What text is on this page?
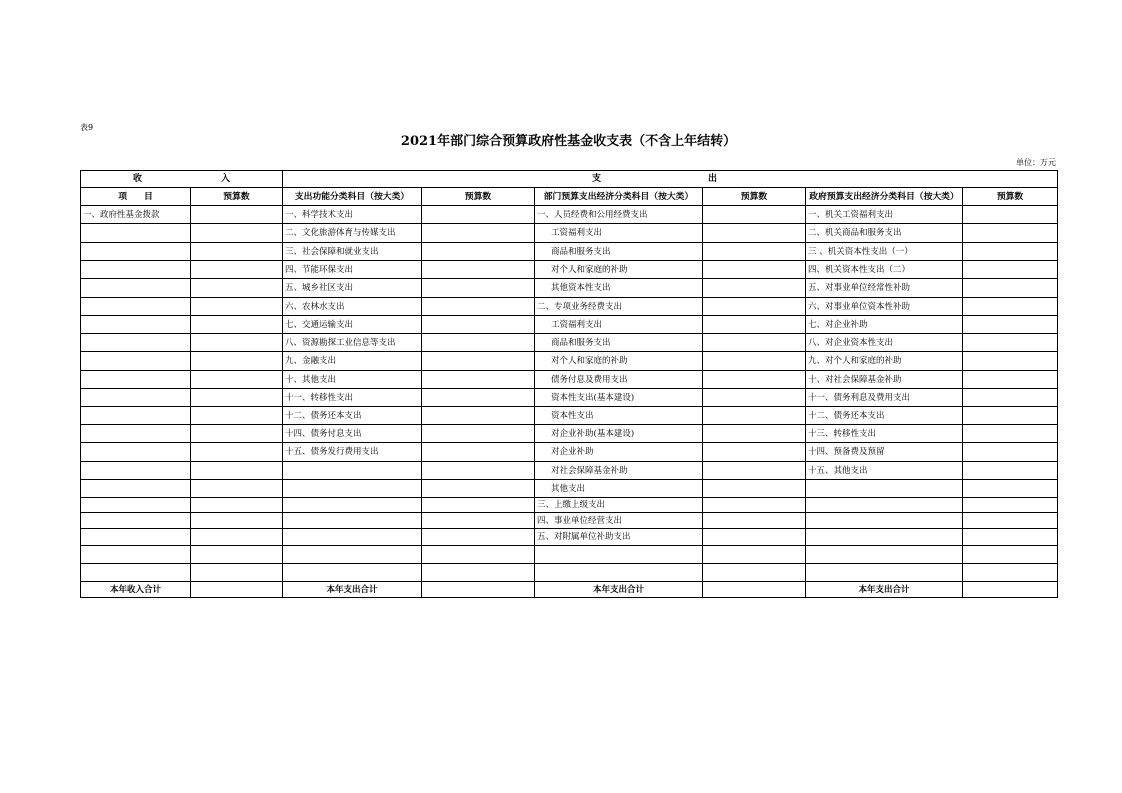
表9
2021年部门综合预算政府性基金收支表（不含上年结转）
单位：万元
收 入		支 出					

项 目	预算数	支出功能分类科目（按大类）	预算数	部门预算支出经济分类科目（按大类）	预算数	政府预算支出经济分类科目（按大类）	预算数
一、政府性基金拨款		一、科学技术支出		一、人员经费和公用经费支出		一、机关工资福利支出	
		二、文化旅游体育与传媒支出		工资福利支出		二、机关商品和服务支出	
		三、社会保障和就业支出		商品和服务支出		三 、机关资本性支出（一）	
		四、节能环保支出		对个人和家庭的补助		四、机关资本性支出（二）	
		五、城乡社区支出		其他资本性支出		五、对事业单位经常性补助	
		六、农林水支出		二、专项业务经费支出		六、对事业单位资本性补助	
		七、交通运输支出		工资福利支出		七、对企业补助	
		八、资源勘探工业信息等支出		商品和服务支出		八、对企业资本性支出	
		九、金融支出		对个人和家庭的补助		九、对个人和家庭的补助	
		十、其他支出		债务付息及费用支出		十、对社会保障基金补助	
		十一、转移性支出		资本性支出(基本建设)		十一、债务利息及费用支出	
		十二、债务还本支出		资本性支出		十二、债务还本支出	
		十四、债务付息支出		对企业补助(基本建设)		十三、转移性支出	
		十五、债务发行费用支出		对企业补助		十四、预备费及预留	
				对社会保障基金补助		十五、其他支出	
				其他支出			
				三、上缴上级支出			
				四、事业单位经营支出			
				五、对附属单位补助支出			

本年收入合计		本年支出合计		本年支出合计		本年支出合计	
